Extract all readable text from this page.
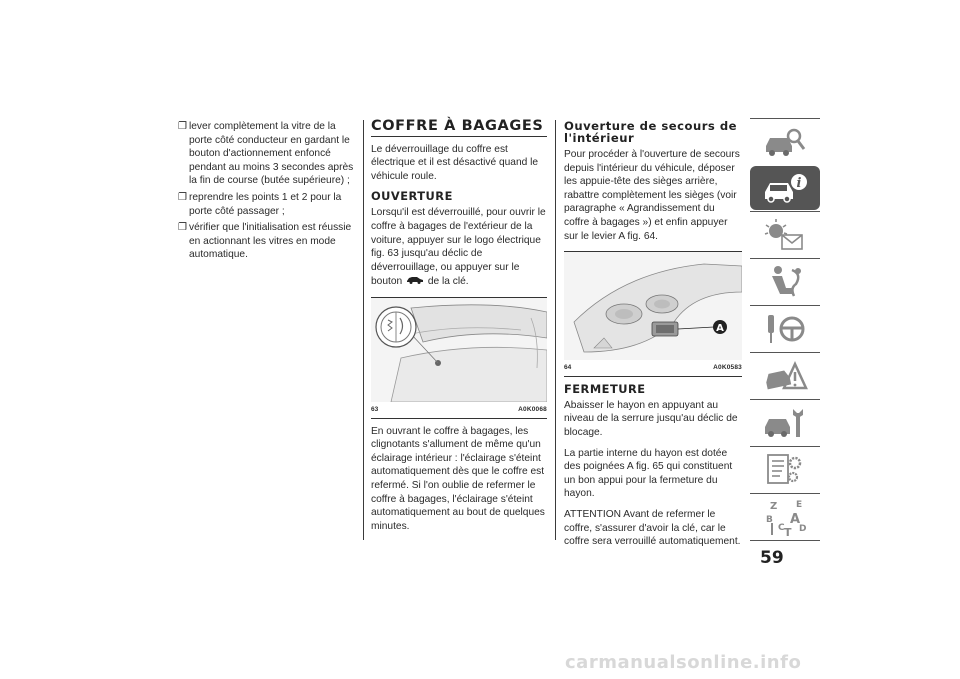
❐ lever complètement la vitre de la porte côté conducteur en gardant le bouton d'actionnement enfoncé pendant au moins 3 secondes après la fin de course (butée supérieure) ;
❐ reprendre les points 1 et 2 pour la porte côté passager ;
❐ vérifier que l'initialisation est réussie en actionnant les vitres en mode automatique.
COFFRE À BAGAGES

Le déverrouillage du coffre est électrique et il est désactivé quand le véhicule roule.

OUVERTURE

Lorsqu'il est déverrouillé, pour ouvrir le coffre à bagages de l'extérieur de la voiture, appuyer sur le logo électrique fig. 63 jusqu'au déclic de déverrouillage, ou appuyer sur le bouton	de la clé.

63	A0K0068

En ouvrant le coffre à bagages, les clignotants s'allument de même qu'un éclairage intérieur : l'éclairage s'éteint automatiquement dès que le coffre est refermé. Si l'on oublie de refermer le coffre à bagages, l'éclairage s'éteint automatiquement au bout de quelques minutes.

Ouverture de secours de l'intérieur

Pour procéder à l'ouverture de secours depuis l'intérieur du véhicule, déposer les appuie-tête des sièges arrière, rabattre complètement les sièges (voir paragraphe « Agrandissement du coffre à bagages ») et enfin appuyer sur le levier A fig. 64.

A
64	A0K0583
FERMETURE

Abaisser le hayon en appuyant au niveau de la serrure jusqu'au déclic de blocage.

La partie interne du hayon est dotée des poignées A fig. 65 qui constituent un bon appui pour la fermeture du hayon.

ATTENTION Avant de refermer le coffre, s'assurer d'avoir la clé, car le coffre sera verrouillé automatiquement.

i
Z E
B A
C D
T
59
carmanualsonline.info
